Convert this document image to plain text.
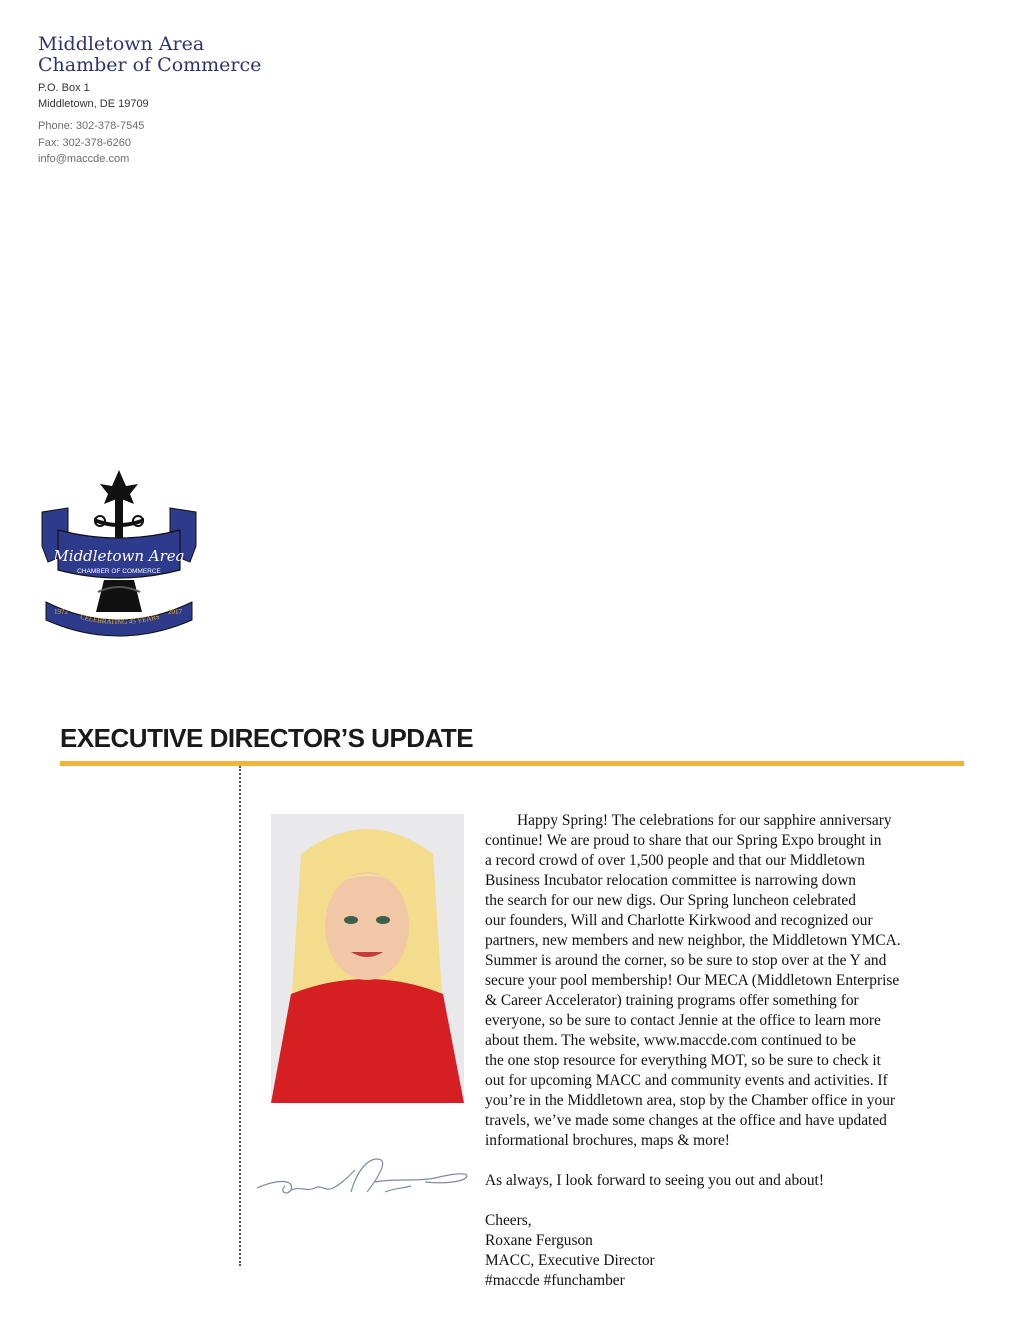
Middletown Area

Chamber of Commerce

P.O. Box 1

Middletown, DE 19709

Phone: 302-378-7545

Fax: 302-378-6260

info@maccde.com

Middletown Area
CHAMBER OF COMMERCE
CELEBRATING 45 YEARS
1972	2017
EXECUTIVE DIRECTOR’S UPDATE

Happy Spring! The celebrations for our sapphire anniversary
continue! We are proud to share that our Spring Expo brought in
a record crowd of over 1,500 people and that our Middletown
Business Incubator relocation committee is narrowing down
the search for our new digs. Our Spring luncheon celebrated
our founders, Will and Charlotte Kirkwood and recognized our
partners, new members and new neighbor, the Middletown YMCA.
Summer is around the corner, so be sure to stop over at the Y and
secure your pool membership! Our MECA (Middletown Enterprise
& Career Accelerator) training programs offer something for
everyone, so be sure to contact Jennie at the office to learn more
about them. The website, www.maccde.com continued to be
the one stop resource for everything MOT, so be sure to check it
out for upcoming MACC and community events and activities. If
you’re in the Middletown area, stop by the Chamber office in your
travels, we’ve made some changes at the office and have updated
informational brochures, maps & more!

As always, I look forward to seeing you out and about!

Cheers,

Roxane Ferguson

MACC, Executive Director

#maccde #funchamber
